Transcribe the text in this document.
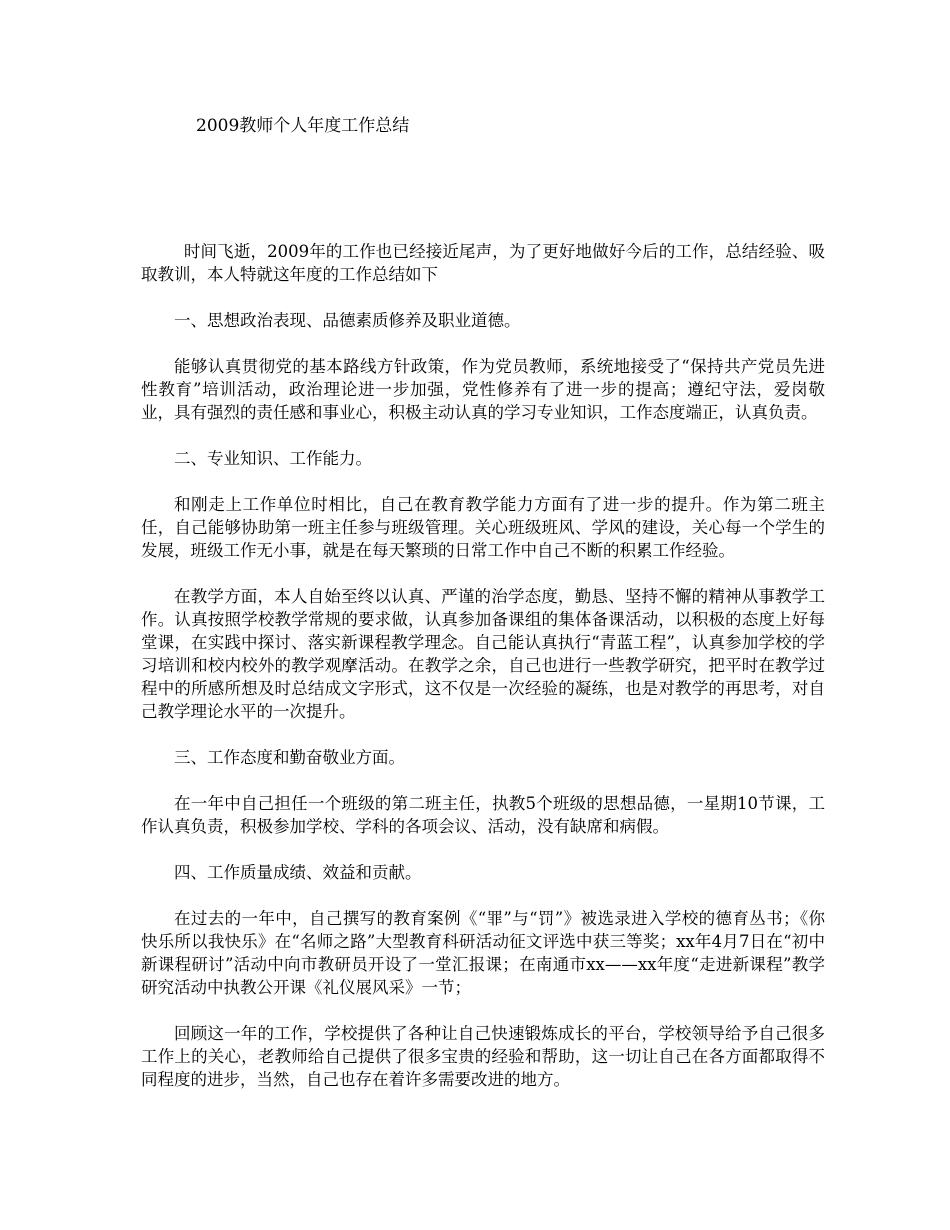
2009教师个人年度工作总结

时间飞逝，2009年的工作也已经接近尾声，为了更好地做好今后的工作，总结经验、吸取教训，本人特就这年度的工作总结如下

一、思想政治表现、品德素质修养及职业道德。

能够认真贯彻党的基本路线方针政策，作为党员教师，系统地接受了“保持共产党员先进性教育”培训活动，政治理论进一步加强，党性修养有了进一步的提高；遵纪守法，爱岗敬业，具有强烈的责任感和事业心，积极主动认真的学习专业知识，工作态度端正，认真负责。

二、专业知识、工作能力。

和刚走上工作单位时相比，自己在教育教学能力方面有了进一步的提升。作为第二班主任，自己能够协助第一班主任参与班级管理。关心班级班风、学风的建设，关心每一个学生的发展，班级工作无小事，就是在每天繁琐的日常工作中自己不断的积累工作经验。

在教学方面，本人自始至终以认真、严谨的治学态度，勤恳、坚持不懈的精神从事教学工作。认真按照学校教学常规的要求做，认真参加备课组的集体备课活动，以积极的态度上好每堂课，在实践中探讨、落实新课程教学理念。自己能认真执行“青蓝工程”，认真参加学校的学习培训和校内校外的教学观摩活动。在教学之余，自己也进行一些教学研究，把平时在教学过程中的所感所想及时总结成文字形式，这不仅是一次经验的凝练，也是对教学的再思考，对自己教学理论水平的一次提升。

三、工作态度和勤奋敬业方面。

在一年中自己担任一个班级的第二班主任，执教5个班级的思想品德，一星期10节课，工作认真负责，积极参加学校、学科的各项会议、活动，没有缺席和病假。

四、工作质量成绩、效益和贡献。

在过去的一年中，自己撰写的教育案例《“罪”与“罚”》被选录进入学校的德育丛书；《你快乐所以我快乐》在“名师之路”大型教育科研活动征文评选中获三等奖；xx年4月7日在“初中新课程研讨”活动中向市教研员开设了一堂汇报课；在南通市xx——xx年度“走进新课程”教学研究活动中执教公开课《礼仪展风采》一节；

回顾这一年的工作，学校提供了各种让自己快速锻炼成长的平台，学校领导给予自己很多工作上的关心，老教师给自己提供了很多宝贵的经验和帮助，这一切让自己在各方面都取得不同程度的进步，当然，自己也存在着许多需要改进的地方。
